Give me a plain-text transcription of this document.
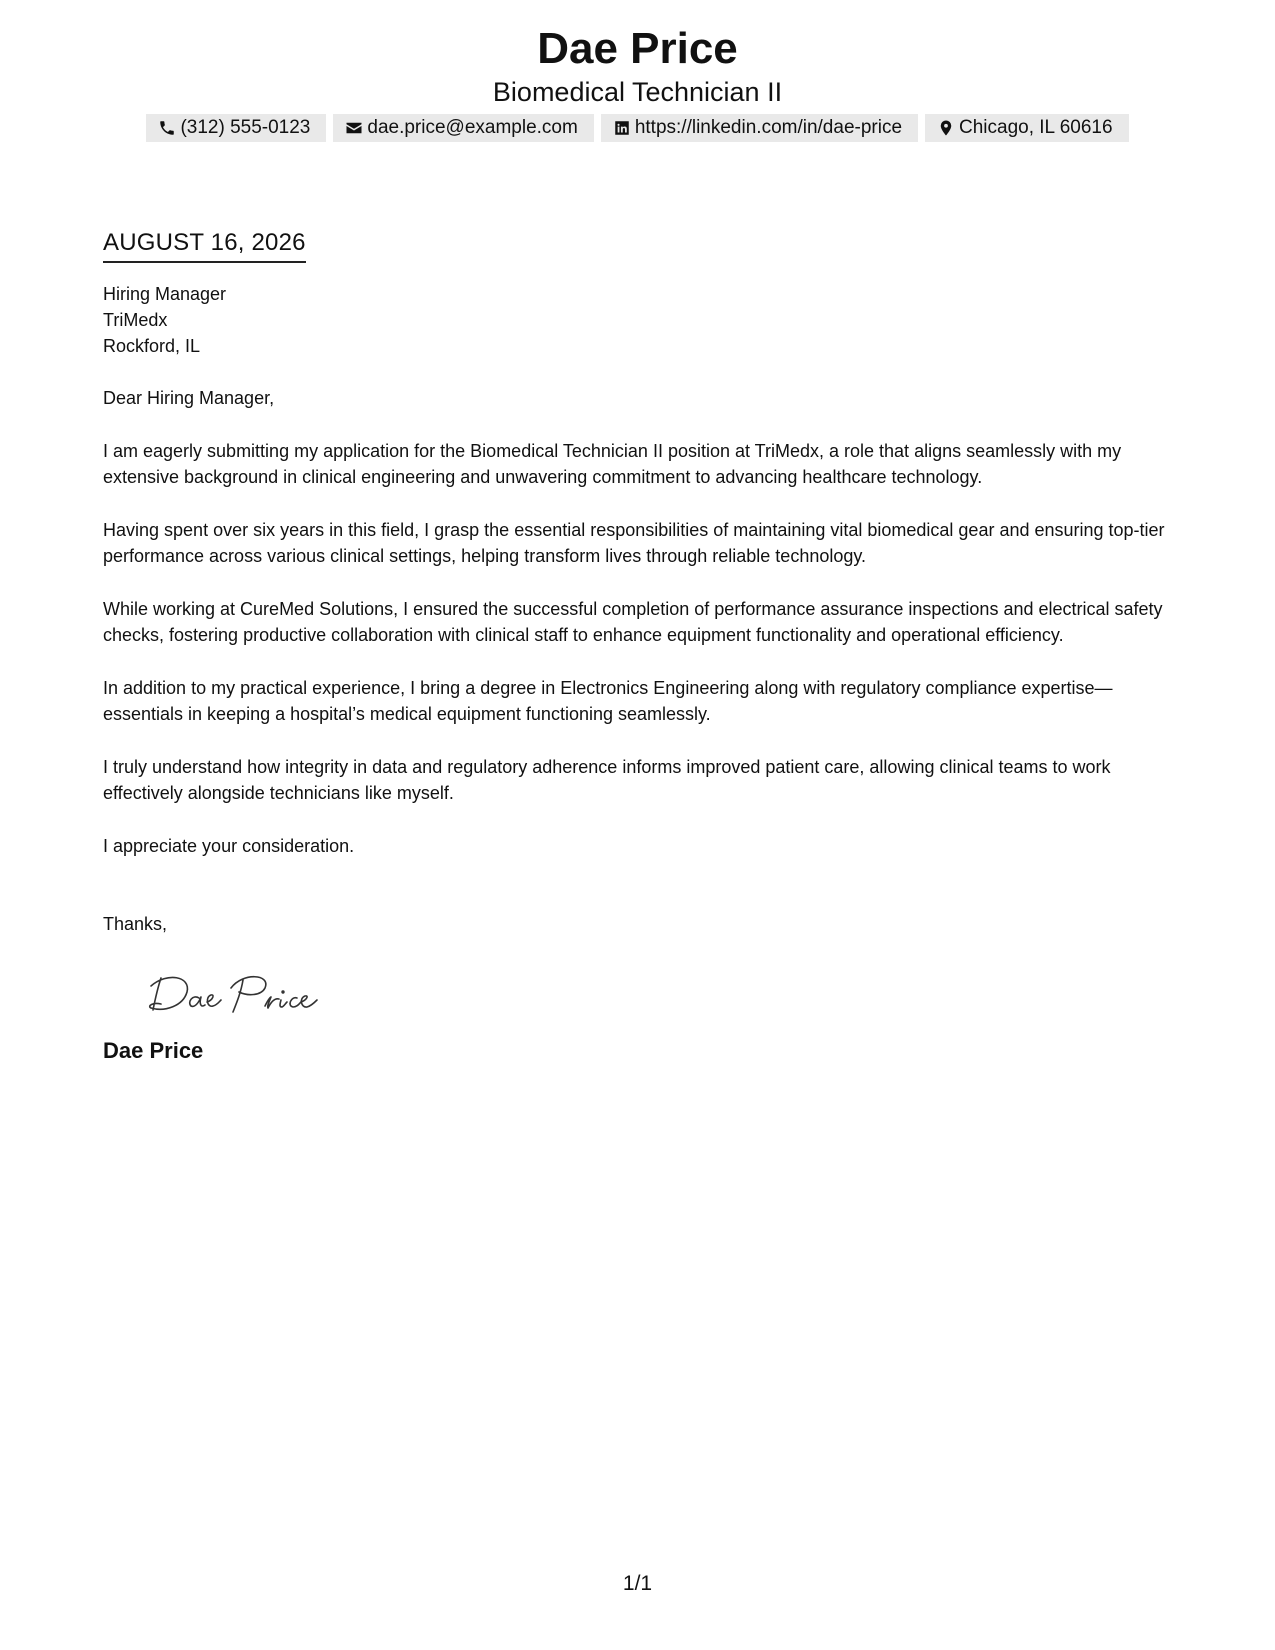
Dae Price
Biomedical Technician II
(312) 555-0123	dae.price@example.com	https://linkedin.com/in/dae-price	Chicago, IL 60616
AUGUST 16, 2026
Hiring Manager
TriMedx
Rockford, IL
Dear Hiring Manager,
I am eagerly submitting my application for the Biomedical Technician II position at TriMedx, a role that aligns seamlessly with my extensive background in clinical engineering and unwavering commitment to advancing healthcare technology.
Having spent over six years in this field, I grasp the essential responsibilities of maintaining vital biomedical gear and ensuring top-tier performance across various clinical settings, helping transform lives through reliable technology.
While working at CureMed Solutions, I ensured the successful completion of performance assurance inspections and electrical safety checks, fostering productive collaboration with clinical staff to enhance equipment functionality and operational efficiency.
In addition to my practical experience, I bring a degree in Electronics Engineering along with regulatory compliance expertise—essentials in keeping a hospital’s medical equipment functioning seamlessly.
I truly understand how integrity in data and regulatory adherence informs improved patient care, allowing clinical teams to work effectively alongside technicians like myself.
I appreciate your consideration.
Thanks,
Dae Price
1/1
